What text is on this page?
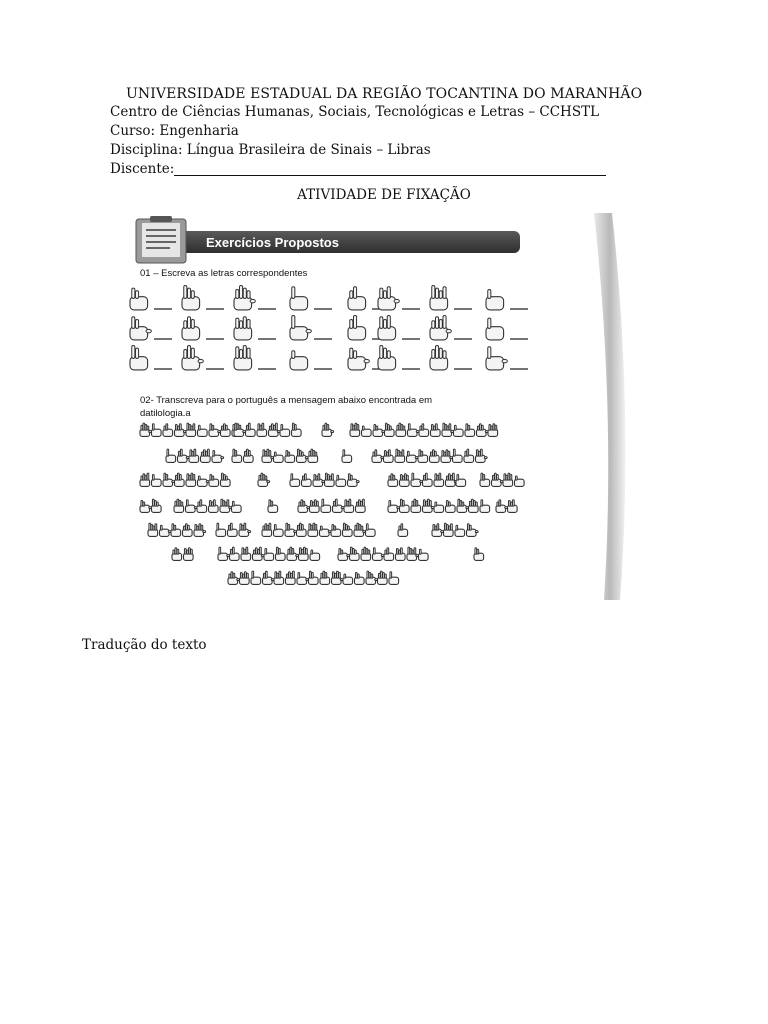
UNIVERSIDADE ESTADUAL DA REGIÃO TOCANTINA DO MARANHÃO
Centro de Ciências Humanas, Sociais, Tecnológicas e Letras – CCHSTL
Curso: Engenharia
Disciplina: Língua Brasileira de Sinais – Libras
Discente:
ATIVIDADE DE FIXAÇÃO
Exercícios Propostos
01 – Escreva as letras correspondentes
02- Transcreva para o português a mensagem abaixo encontrada em
datilologia.a
Tradução do texto
